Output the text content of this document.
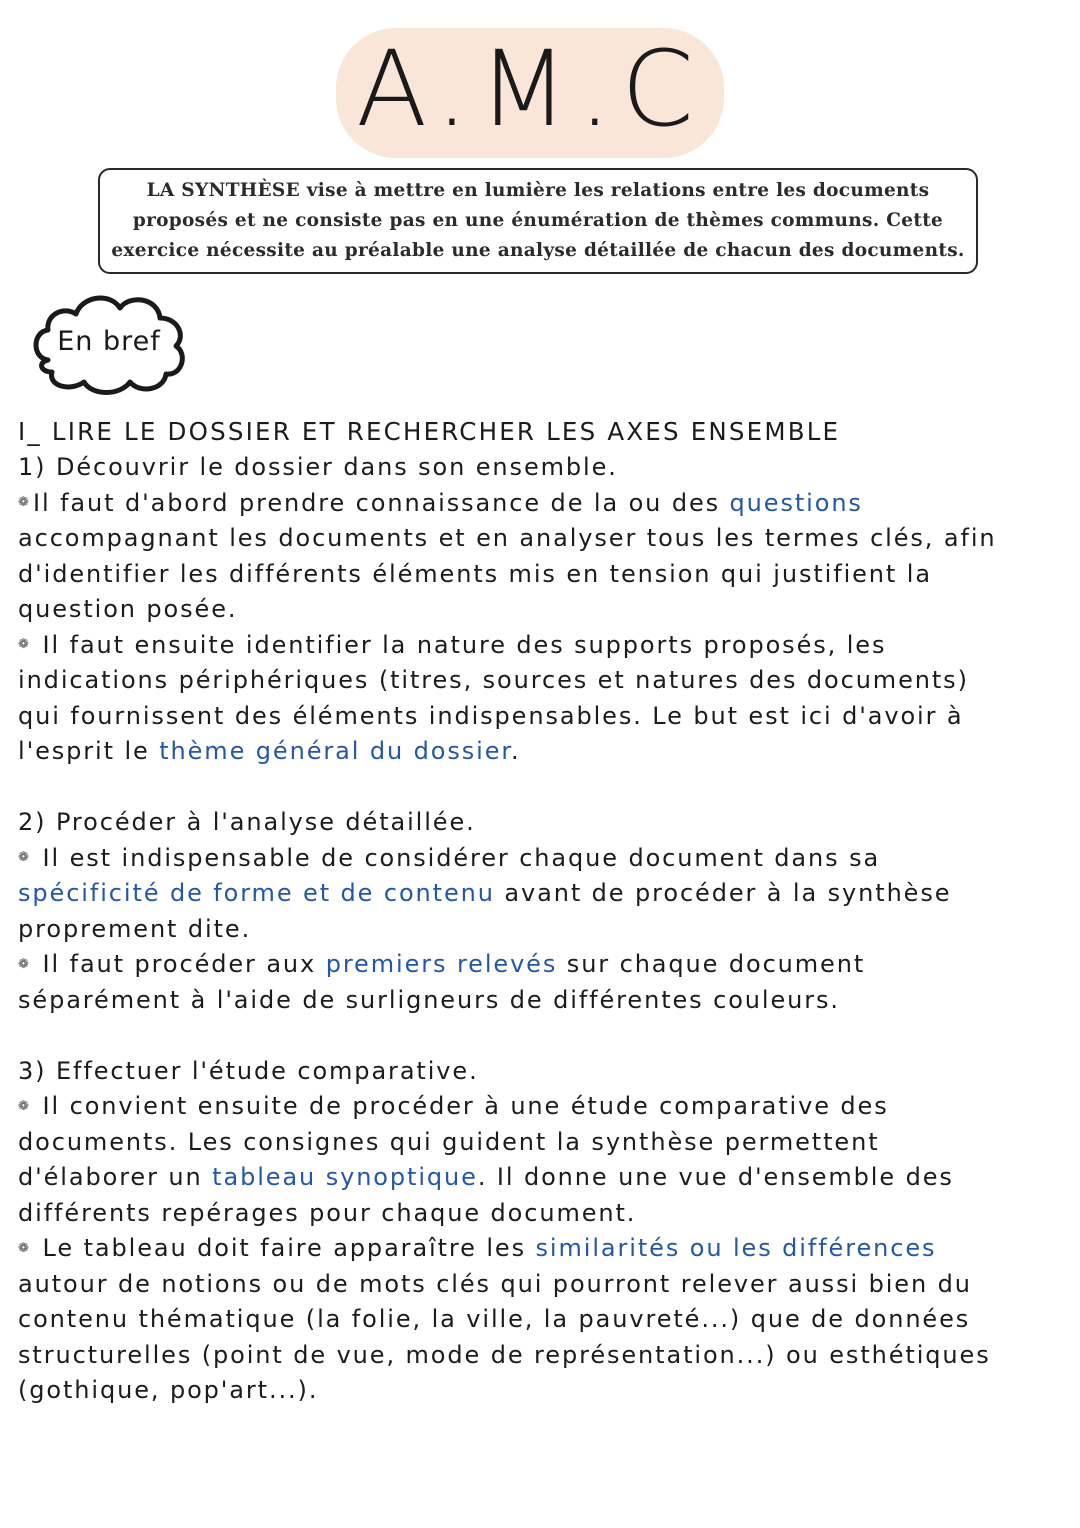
A.M.C

LA SYNTHÈSE vise à mettre en lumière les relations entre les documents
proposés et ne consiste pas en une énumération de thèmes communs. Cette
exercice nécessite au préalable une analyse détaillée de chacun des documents.

En bref
I_ LIRE LE DOSSIER ET RECHERCHER LES AXES ENSEMBLE

1) Découvrir le dossier dans son ensemble.

❁Il faut d'abord prendre connaissance de la ou des questions
accompagnant les documents et en analyser tous les termes clés, afin
d'identifier les différents éléments mis en tension qui justifient la
question posée.

❁ Il faut ensuite identifier la nature des supports proposés, les
indications périphériques (titres, sources et natures des documents)
qui fournissent des éléments indispensables. Le but est ici d'avoir à
l'esprit le thème général du dossier.

2) Procéder à l'analyse détaillée.

❁ Il est indispensable de considérer chaque document dans sa
spécificité de forme et de contenu avant de procéder à la synthèse
proprement dite.

❁ Il faut procéder aux premiers relevés sur chaque document
séparément à l'aide de surligneurs de différentes couleurs.

3) Effectuer l'étude comparative.

❁ Il convient ensuite de procéder à une étude comparative des
documents. Les consignes qui guident la synthèse permettent
d'élaborer un tableau synoptique. Il donne une vue d'ensemble des
différents repérages pour chaque document.

❁ Le tableau doit faire apparaître les similarités ou les différences
autour de notions ou de mots clés qui pourront relever aussi bien du
contenu thématique (la folie, la ville, la pauvreté...) que de données
structurelles (point de vue, mode de représentation...) ou esthétiques
(gothique, pop'art...).
